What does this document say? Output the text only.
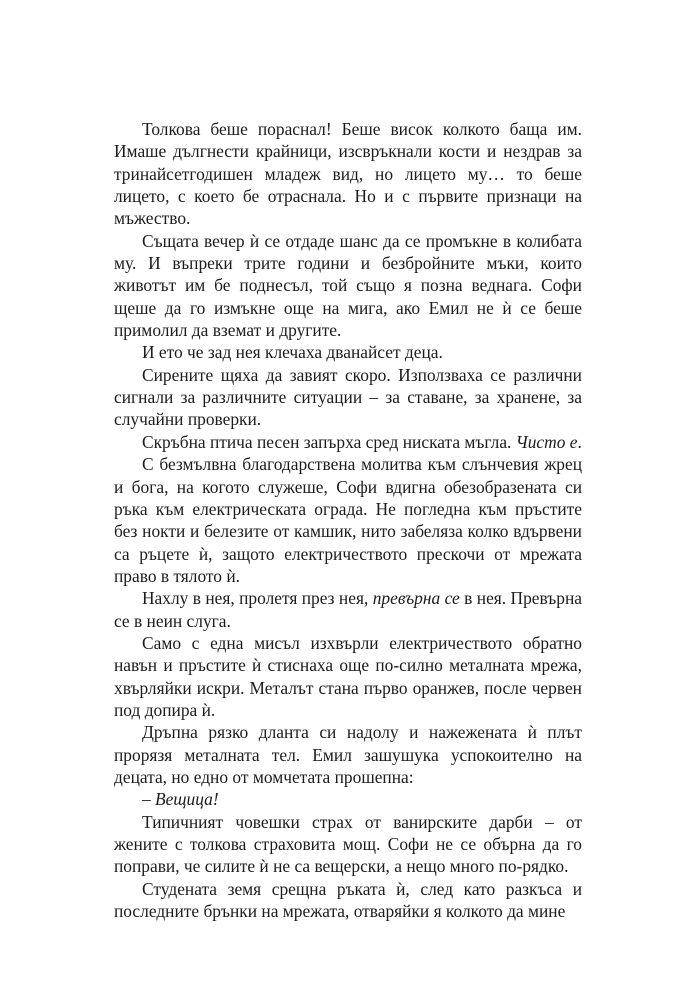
Толкова беше пораснал! Беше висок колкото баща им. Имаше дългнести крайници, изсвръкнали кости и нездрав за тринайсетгодишен младеж вид, но лицето му… то беше лицето, с което бе отраснала. Но и с първите признаци на мъжество.

Същата вечер ѝ се отдаде шанс да се промъкне в колибата му. И въпреки трите години и безбройните мъки, които животът им бе поднесъл, той също я позна веднага. Софи щеше да го измъкне още на мига, ако Емил не ѝ се беше примолил да вземат и другите.

И ето че зад нея клечаха дванайсет деца.

Сирените щяха да завият скоро. Използваха се различни сигнали за различните ситуации – за ставане, за хранене, за случайни проверки.

Скръбна птича песен запърха сред ниската мъгла. Чисто е.

С безмълвна благодарствена молитва към слънчевия жрец и бога, на когото служеше, Софи вдигна обезобразената си ръка към електрическата ограда. Не погледна към пръстите без нокти и белезите от камшик, нито забеляза колко вдървени са ръцете ѝ, защото електричеството прескочи от мрежата право в тялото ѝ.

Нахлу в нея, пролетя през нея, превърна се в нея. Превърна се в неин слуга.

Само с една мисъл изхвърли електричеството обратно навън и пръстите ѝ стиснаха още по-силно металната мрежа, хвърляйки искри. Металът стана първо оранжев, после червен под допира ѝ.

Дръпна рязко дланта си надолу и нажежената ѝ плът прорязя металната тел. Емил зашушука успокоително на децата, но едно от момчетата прошепна:

– Вещица!

Типичният човешки страх от ванирските дарби – от жените с толкова страховита мощ. Софи не се обърна да го поправи, че силите ѝ не са вещерски, а нещо много по-рядко.

Студената земя срещна ръката ѝ, след като разкъса и последните брънки на мрежата, отваряйки я колкото да мине
